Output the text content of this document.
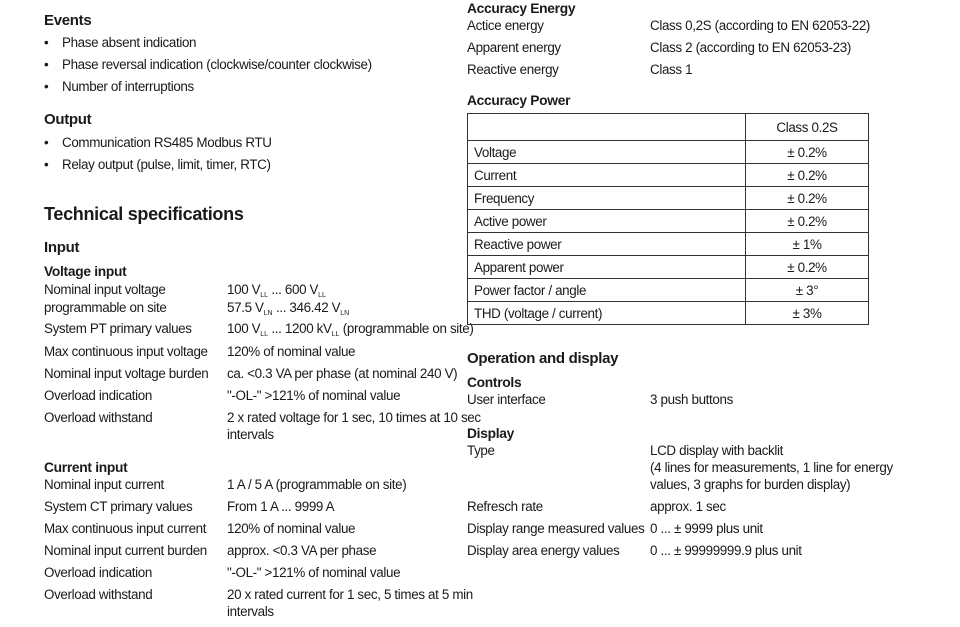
Events
• Phase absent indication
• Phase reversal indication (clockwise/counter clockwise)
• Number of interruptions
Output
• Communication RS485 Modbus RTU
• Relay output (pulse, limit, timer, RTC)
Technical specifications
Input
Voltage input
Nominal input voltage	100 $V_{LL}$ ... 600 $V_{LL}$
programmable on site	57.5 $V_{LN}$ ... 346.42 $V_{LN}$
System PT primary values	100 $V_{LL}$ ... 1200 $kV_{LL}$ (programmable on site)
Max continuous input voltage 120% of nominal value
Nominal input voltage burden ca. <0.3 VA per phase (at nominal 240 V)
Overload indication	"-OL-" >121% of nominal value
Overload withstand	2 x rated voltage for 1 sec, 10 times at 10 sec
intervals
Current input
Nominal input current	1 A / 5 A (programmable on site)
System CT primary values	From 1 A ... 9999 A
Max continuous input current 120% of nominal value
Nominal input current burden approx. <0.3 VA per phase
Overload indication	"-OL-" >121% of nominal value
Overload withstand	20 x rated current for 1 sec, 5 times at 5 min
intervals
Accuracy Energy
Actice energy	Class 0,2S (according to EN 62053-22)
Apparent energy	Class 2 (according to EN 62053-23)
Reactive energy	Class 1
Accuracy Power
	Class 0.2S
Voltage	± 0.2%
Current	± 0.2%
Frequency	± 0.2%
Active power	± 0.2%
Reactive power	± 1%
Apparent power	± 0.2%
Power factor / angle	± 3°
THD (voltage / current)	± 3%
Operation and display
Controls
User interface	3 push buttons
Display
Type	LCD display with backlit
(4 lines for measurements, 1 line for energy
values, 3 graphs for burden display)
Refresch rate	approx. 1 sec
Display range measured values 0 ... ± 9999 plus unit
Display area energy values 0 ... ± 99999999.9 plus unit
